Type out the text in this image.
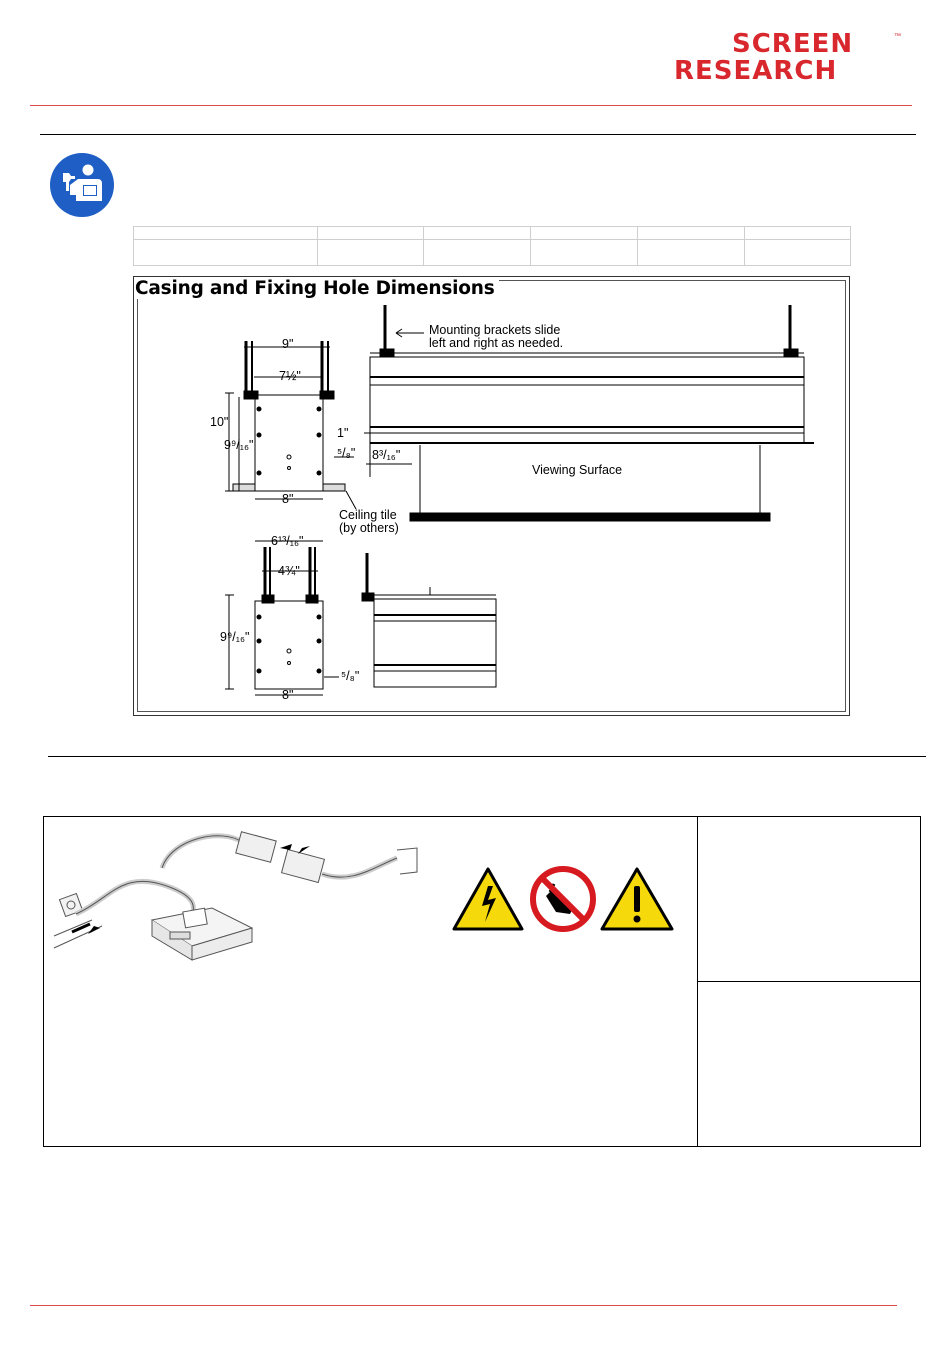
SCREEN	™
RESEARCH

Casing and Fixing Hole Dimensions
Mounting brackets slide
left and right as needed.
9"
7½"
10"
9⁹/₁₆"
1"
⁵/₈" 8³/₁₆"
8"
Viewing Surface
Ceiling tile
(by others)
6¹³/₁₆"
4¾"
9⁹/₁₆"
⁵/₈"
8"
